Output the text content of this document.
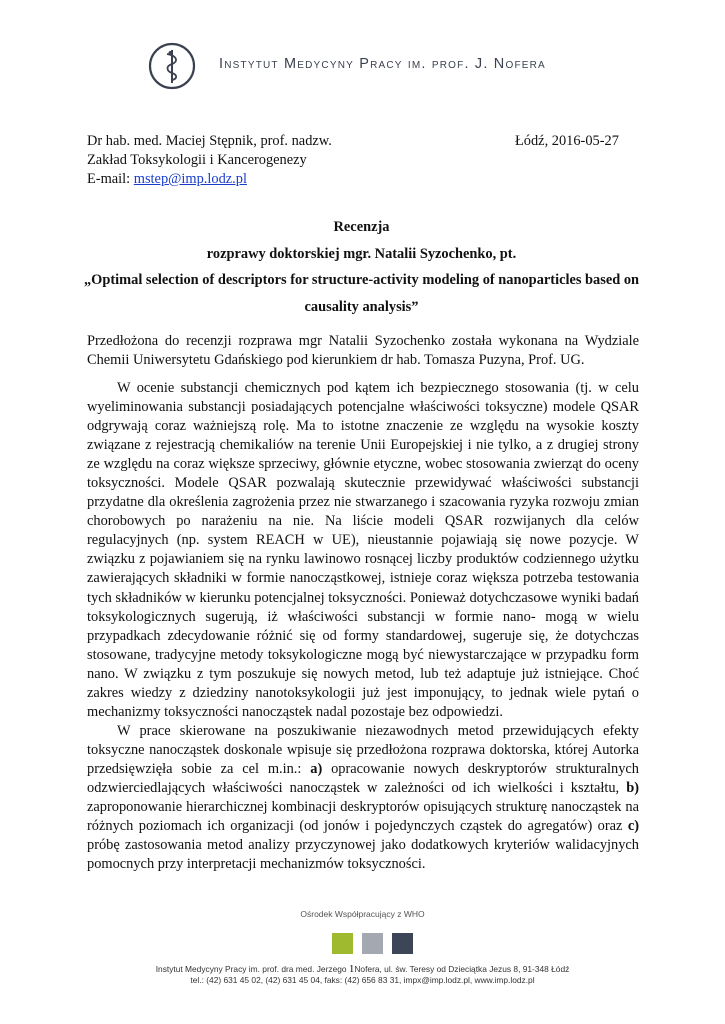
Instytut Medycyny Pracy im. prof. J. Nofera
Dr hab. med. Maciej Stępnik, prof. nadzw.
Zakład Toksykologii i Kancerogenezy
E-mail: mstep@imp.lodz.pl
Łódź, 2016-05-27
Recenzja
rozprawy doktorskiej mgr. Natalii Syzochenko, pt.
„Optimal selection of descriptors for structure-activity modeling of nanoparticles based on causality analysis”
Przedłożona do recenzji rozprawa mgr Natalii Syzochenko została wykonana na Wydziale Chemii Uniwersytetu Gdańskiego pod kierunkiem dr hab. Tomasza Puzyna, Prof. UG.

W ocenie substancji chemicznych pod kątem ich bezpiecznego stosowania (tj. w celu wyeliminowania substancji posiadających potencjalne właściwości toksyczne) modele QSAR odgrywają coraz ważniejszą rolę. Ma to istotne znaczenie ze względu na wysokie koszty związane z rejestracją chemikaliów na terenie Unii Europejskiej i nie tylko, a z drugiej strony ze względu na coraz większe sprzeciwy, głównie etyczne, wobec stosowania zwierząt do oceny toksyczności. Modele QSAR pozwalają skutecznie przewidywać właściwości substancji przydatne dla określenia zagrożenia przez nie stwarzanego i szacowania ryzyka rozwoju zmian chorobowych po narażeniu na nie. Na liście modeli QSAR rozwijanych dla celów regulacyjnych (np. system REACH w UE), nieustannie pojawiają się nowe pozycje. W związku z pojawianiem się na rynku lawinowo rosnącej liczby produktów codziennego użytku zawierających składniki w formie nanocząstkowej, istnieje coraz większa potrzeba testowania tych składników w kierunku potencjalnej toksyczności. Ponieważ dotychczasowe wyniki badań toksykologicznych sugerują, iż właściwości substancji w formie nano- mogą w wielu przypadkach zdecydowanie różnić się od formy standardowej, sugeruje się, że dotychczas stosowane, tradycyjne metody toksykologiczne mogą być niewystarczające w przypadku form nano. W związku z tym poszukuje się nowych metod, lub też adaptuje już istniejące. Choć zakres wiedzy z dziedziny nanotoksykologii już jest imponujący, to jednak wiele pytań o mechanizmy toksyczności nanocząstek nadal pozostaje bez odpowiedzi.

W prace skierowane na poszukiwanie niezawodnych metod przewidujących efekty toksyczne nanocząstek doskonale wpisuje się przedłożona rozprawa doktorska, której Autorka przedsięwzięła sobie za cel m.in.: a) opracowanie nowych deskryptorów strukturalnych odzwierciedlających właściwości nanocząstek w zależności od ich wielkości i kształtu, b) zaproponowanie hierarchicznej kombinacji deskryptorów opisujących strukturę nanocząstek na różnych poziomach ich organizacji (od jonów i pojedynczych cząstek do agregatów) oraz c) próbę zastosowania metod analizy przyczynowej jako dodatkowych kryteriów walidacyjnych pomocnych przy interpretacji mechanizmów toksyczności.

Ośrodek Współpracujący z WHO
Instytut Medycyny Pracy im. prof. dra med. Jerzego 1Nofera, ul. św. Teresy od Dzieciątka Jezus 8, 91-348 Łódź
tel.: (42) 631 45 02, (42) 631 45 04, faks: (42) 656 83 31, impx@imp.lodz.pl, www.imp.lodz.pl
